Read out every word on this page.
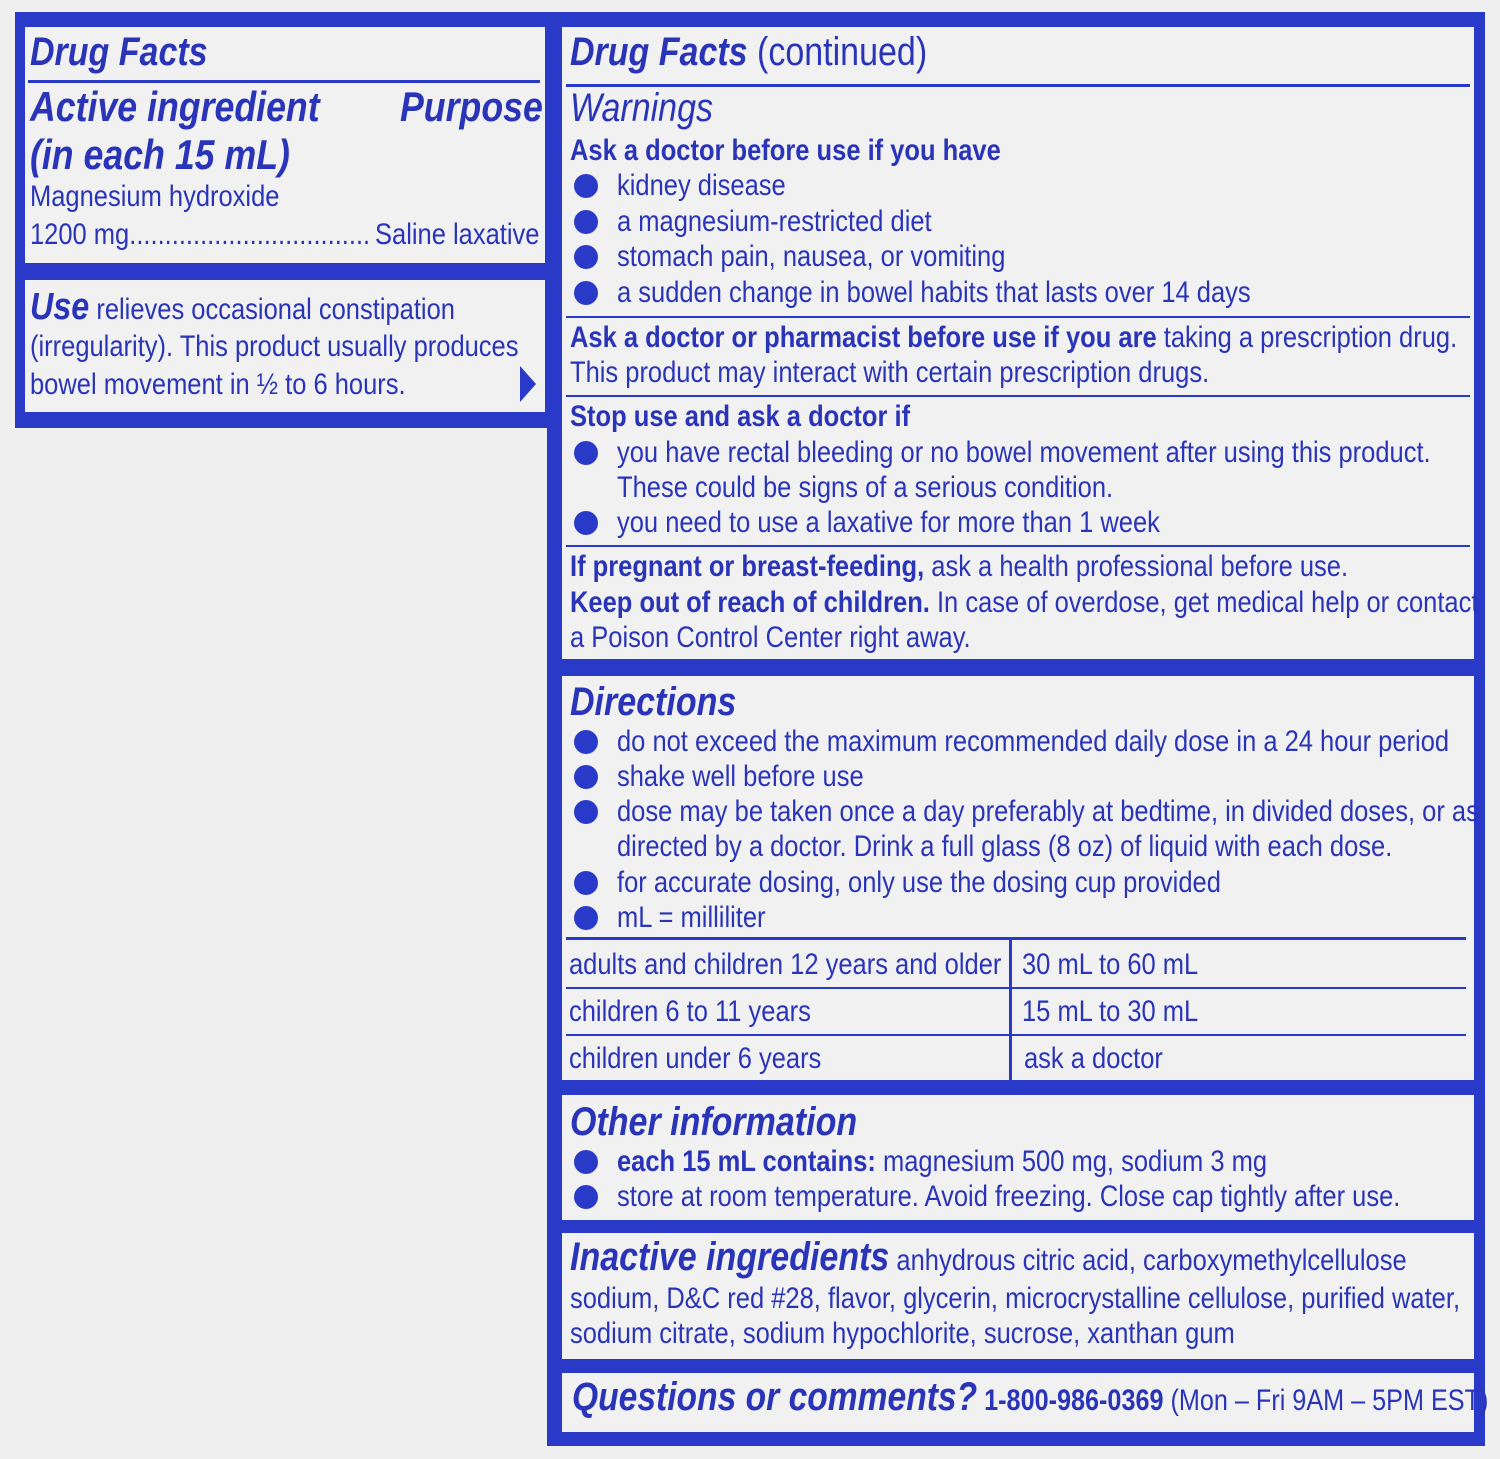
Drug Facts
Active ingredient Purpose
(in each 15 mL)
Magnesium hydroxide
1200 mg.................................. Saline laxative
Use relieves occasional constipation
(irregularity). This product usually produces
bowel movement in ½ to 6 hours.
Drug Facts (continued)
Warnings
Ask a doctor before use if you have
kidney disease
a magnesium-restricted diet
stomach pain, nausea, or vomiting
a sudden change in bowel habits that lasts over 14 days
Ask a doctor or pharmacist before use if you are taking a prescription drug.
This product may interact with certain prescription drugs.
Stop use and ask a doctor if
you have rectal bleeding or no bowel movement after using this product.
These could be signs of a serious condition.
you need to use a laxative for more than 1 week
If pregnant or breast-feeding, ask a health professional before use.
Keep out of reach of children. In case of overdose, get medical help or contact
a Poison Control Center right away.
Directions
do not exceed the maximum recommended daily dose in a 24 hour period
shake well before use
dose may be taken once a day preferably at bedtime, in divided doses, or as
directed by a doctor. Drink a full glass (8 oz) of liquid with each dose.
for accurate dosing, only use the dosing cup provided
mL = milliliter
adults and children 12 years and older 30 mL to 60 mL
children 6 to 11 years	15 mL to 30 mL
children under 6 years	ask a doctor
Other information
each 15 mL contains: magnesium 500 mg, sodium 3 mg
store at room temperature. Avoid freezing. Close cap tightly after use.
Inactive ingredients anhydrous citric acid, carboxymethylcellulose
sodium, D&C red #28, flavor, glycerin, microcrystalline cellulose, purified water,
sodium citrate, sodium hypochlorite, sucrose, xanthan gum
Questions or comments? 1-800-986-0369 (Mon – Fri 9AM – 5PM EST)
